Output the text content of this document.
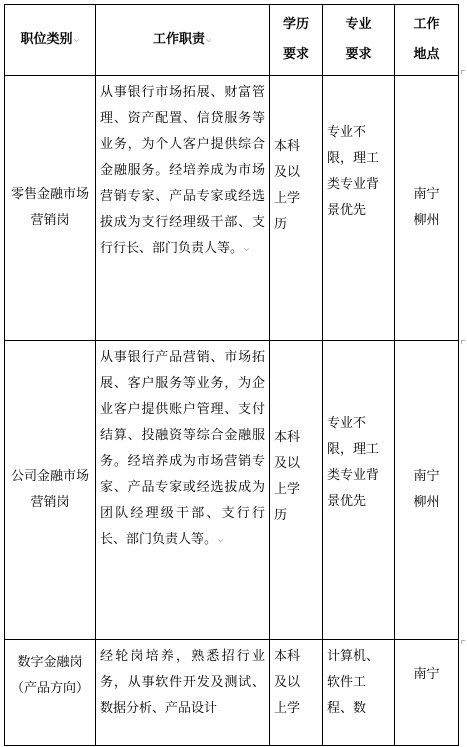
职位类别	工作职责	学历要求	专业要求	工作地点

零售金融市场营销岗	从事银行市场拓展、财富管理、资产配置、信贷服务等业务，为个人客户提供综合金融服务。经培养成为市场营销专家、产品专家或经选拔成为支行经理级干部、支行行长、部门负责人等。	本科及以上学历	专业不限，理工类专业背景优先	南宁柳州

公司金融市场营销岗	从事银行产品营销、市场拓展、客户服务等业务，为企业客户提供账户管理、支付结算、投融资等综合金融服务。经培养成为市场营销专家、产品专家或经选拔成为团队经理级干部、支行行长、部门负责人等。	本科及以上学历	专业不限，理工类专业背景优先	南宁柳州

数字金融岗（产品方向）	经轮岗培养，熟悉招行业务，从事软件开发及测试、数据分析、产品设计	本科及以上学	计算机、软件工程、数	南宁
